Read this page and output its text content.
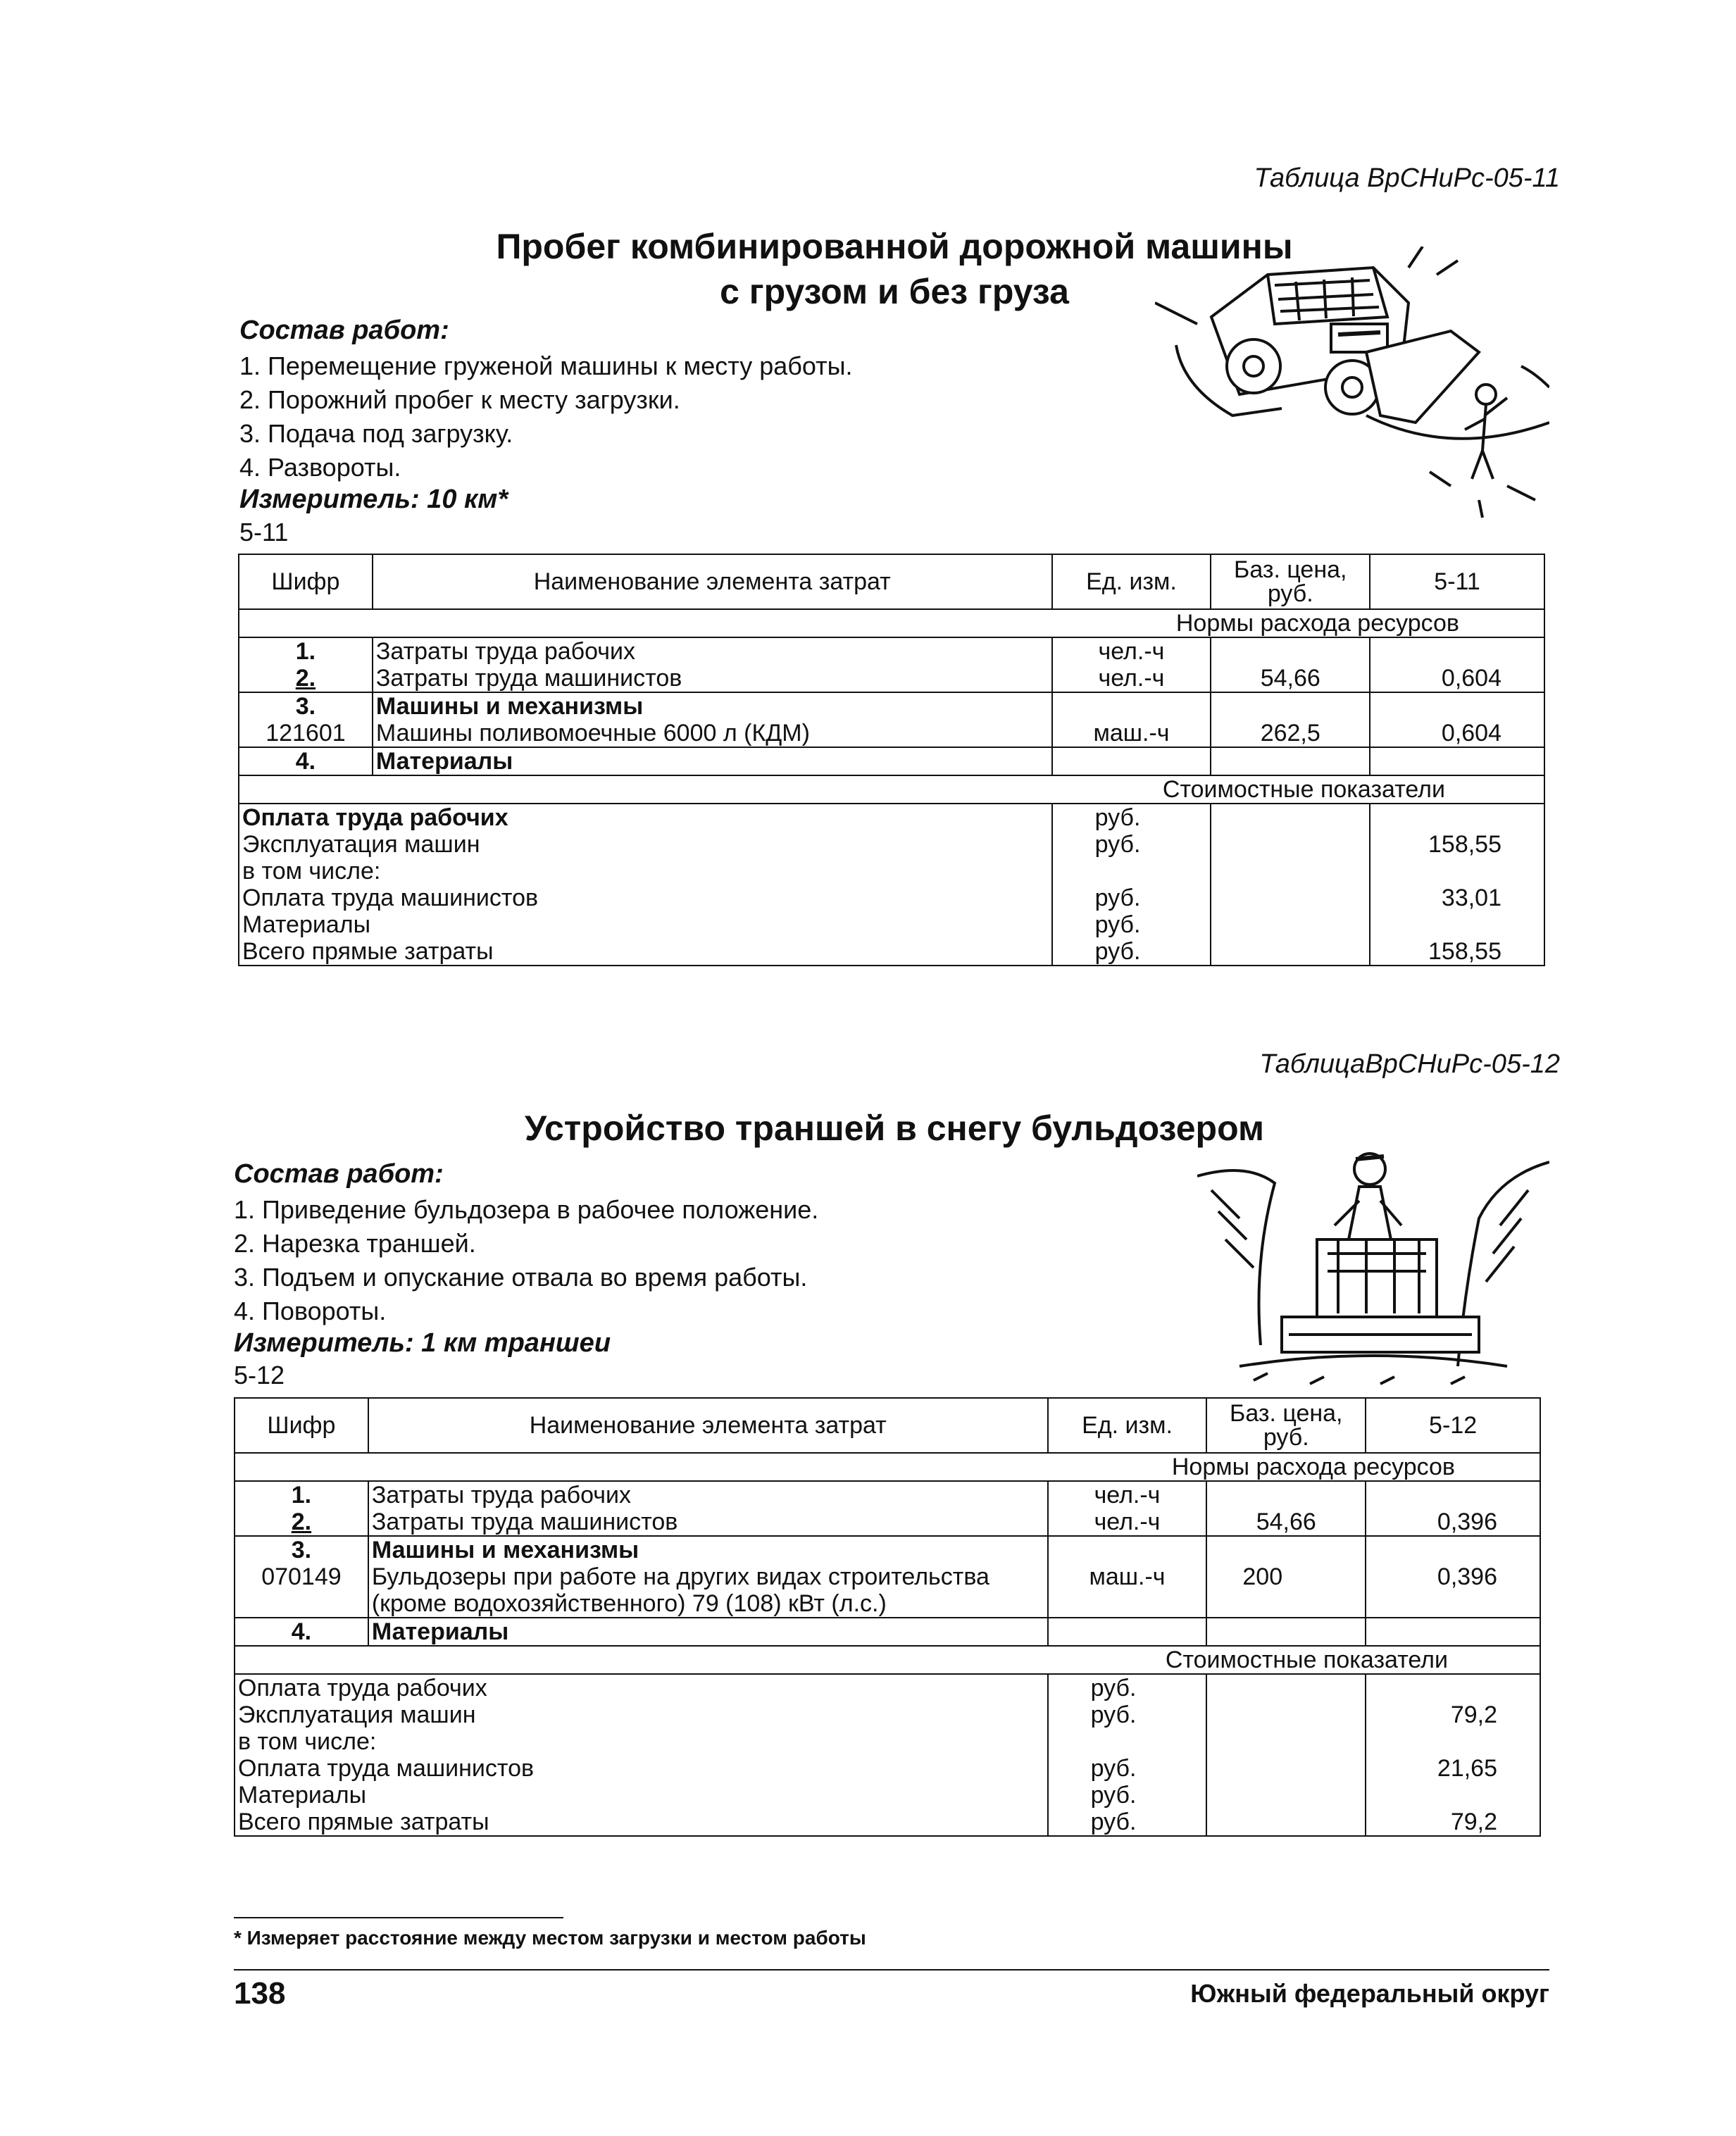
Таблица ВрСНиРс-05-11
Пробег комбинированной дорожной машины
с грузом и без груза
Состав работ:
1. Перемещение груженой машины к месту работы.
2. Порожний пробег к месту загрузки.
3. Подача под загрузку.
4. Развороты.
Измеритель: 10 км*
5-11
Шифр	Наименование элемента затрат	Ед. изм.	Баз. цена, руб.	5-11
Нормы расхода ресурсов				
1.	Затраты труда рабочих	чел.-ч		
2.	Затраты труда машинистов	чел.-ч	54,66	0,604
3.	Машины и механизмы			
121601	Машины поливомоечные 6000 л (КДМ)	маш.-ч	262,5	0,604
4.	Материалы			
Стоимостные показатели				
Оплата труда рабочих		руб.		
Эксплуатация машин		руб.		158,55
в том числе:				
Оплата труда машинистов		руб.		33,01
Материалы		руб.		
Всего прямые затраты		руб.		158,55
ТаблицаВрСНиРс-05-12
Устройство траншей в снегу бульдозером
Состав работ:
1. Приведение бульдозера в рабочее положение.
2. Нарезка траншей.
3. Подъем и опускание отвала во время работы.
4. Повороты.
Измеритель: 1 км траншеи
5-12
Шифр	Наименование элемента затрат	Ед. изм.	Баз. цена, руб.	5-12
Нормы расхода ресурсов				
1.	Затраты труда рабочих	чел.-ч		
2.	Затраты труда машинистов	чел.-ч	54,66	0,396
3.	Машины и механизмы			
070149	Бульдозеры при работе на других видах строительства
(кроме водохозяйственного) 79 (108) кВт (л.с.)	маш.-ч	200	0,396
4.	Материалы			
Стоимостные показатели				
Оплата труда рабочих		руб.		
Эксплуатация машин		руб.		79,2
в том числе:				
Оплата труда машинистов		руб.		21,65
Материалы		руб.		
Всего прямые затраты		руб.		79,2
* Измеряет расстояние между местом загрузки и местом работы
138	Южный федеральный округ
